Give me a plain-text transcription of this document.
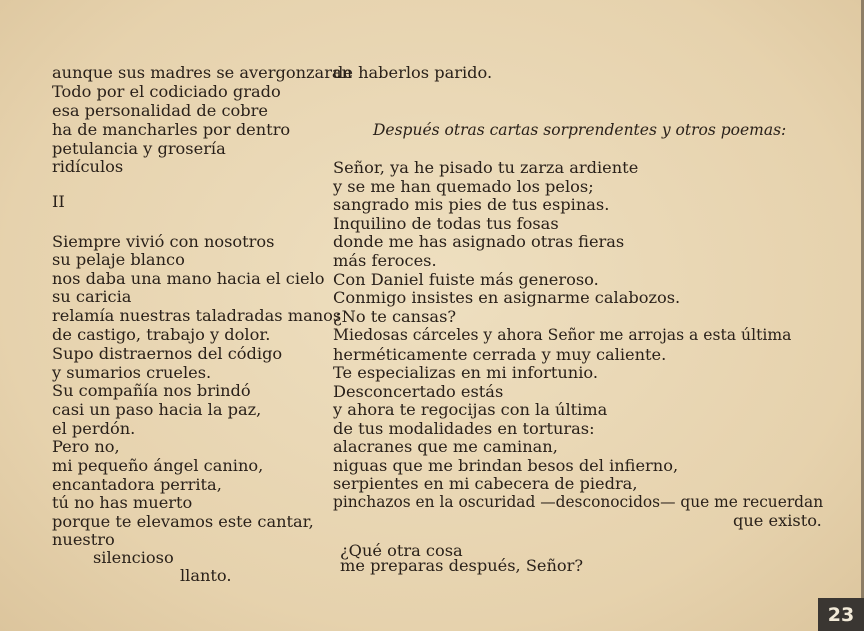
aunque sus madres se avergonzaran
Todo por el codiciado grado
esa personalidad de cobre
ha de mancharles por dentro
petulancia y grosería
ridículos
II
Siempre vivió con nosotros
su pelaje blanco
nos daba una mano hacia el cielo
su caricia
relamía nuestras taladradas manos
de castigo, trabajo y dolor.
Supo distraernos del código
y sumarios crueles.
Su compañía nos brindó
casi un paso hacia la paz,
el perdón.
Pero no,
mi pequeño ángel canino,
encantadora perrita,
tú no has muerto
porque te elevamos este cantar,
nuestro
silencioso
llanto.
de haberlos parido.
Después otras cartas sorprendentes y otros poemas:
Señor, ya he pisado tu zarza ardiente
y se me han quemado los pelos;
sangrado mis pies de tus espinas.
Inquilino de todas tus fosas
donde me has asignado otras fieras
más feroces.
Con Daniel fuiste más generoso.
Conmigo insistes en asignarme calabozos.
¿No te cansas?
Miedosas cárceles y ahora Señor me arrojas a esta última
herméticamente cerrada y muy caliente.
Te especializas en mi infortunio.
Desconcertado estás
y ahora te regocijas con la última
de tus modalidades en torturas:
alacranes que me caminan,
niguas que me brindan besos del infierno,
serpientes en mi cabecera de piedra,
pinchazos en la oscuridad —desconocidos— que me recuerdan
que existo.
¿Qué otra cosa
me preparas después, Señor?
23
